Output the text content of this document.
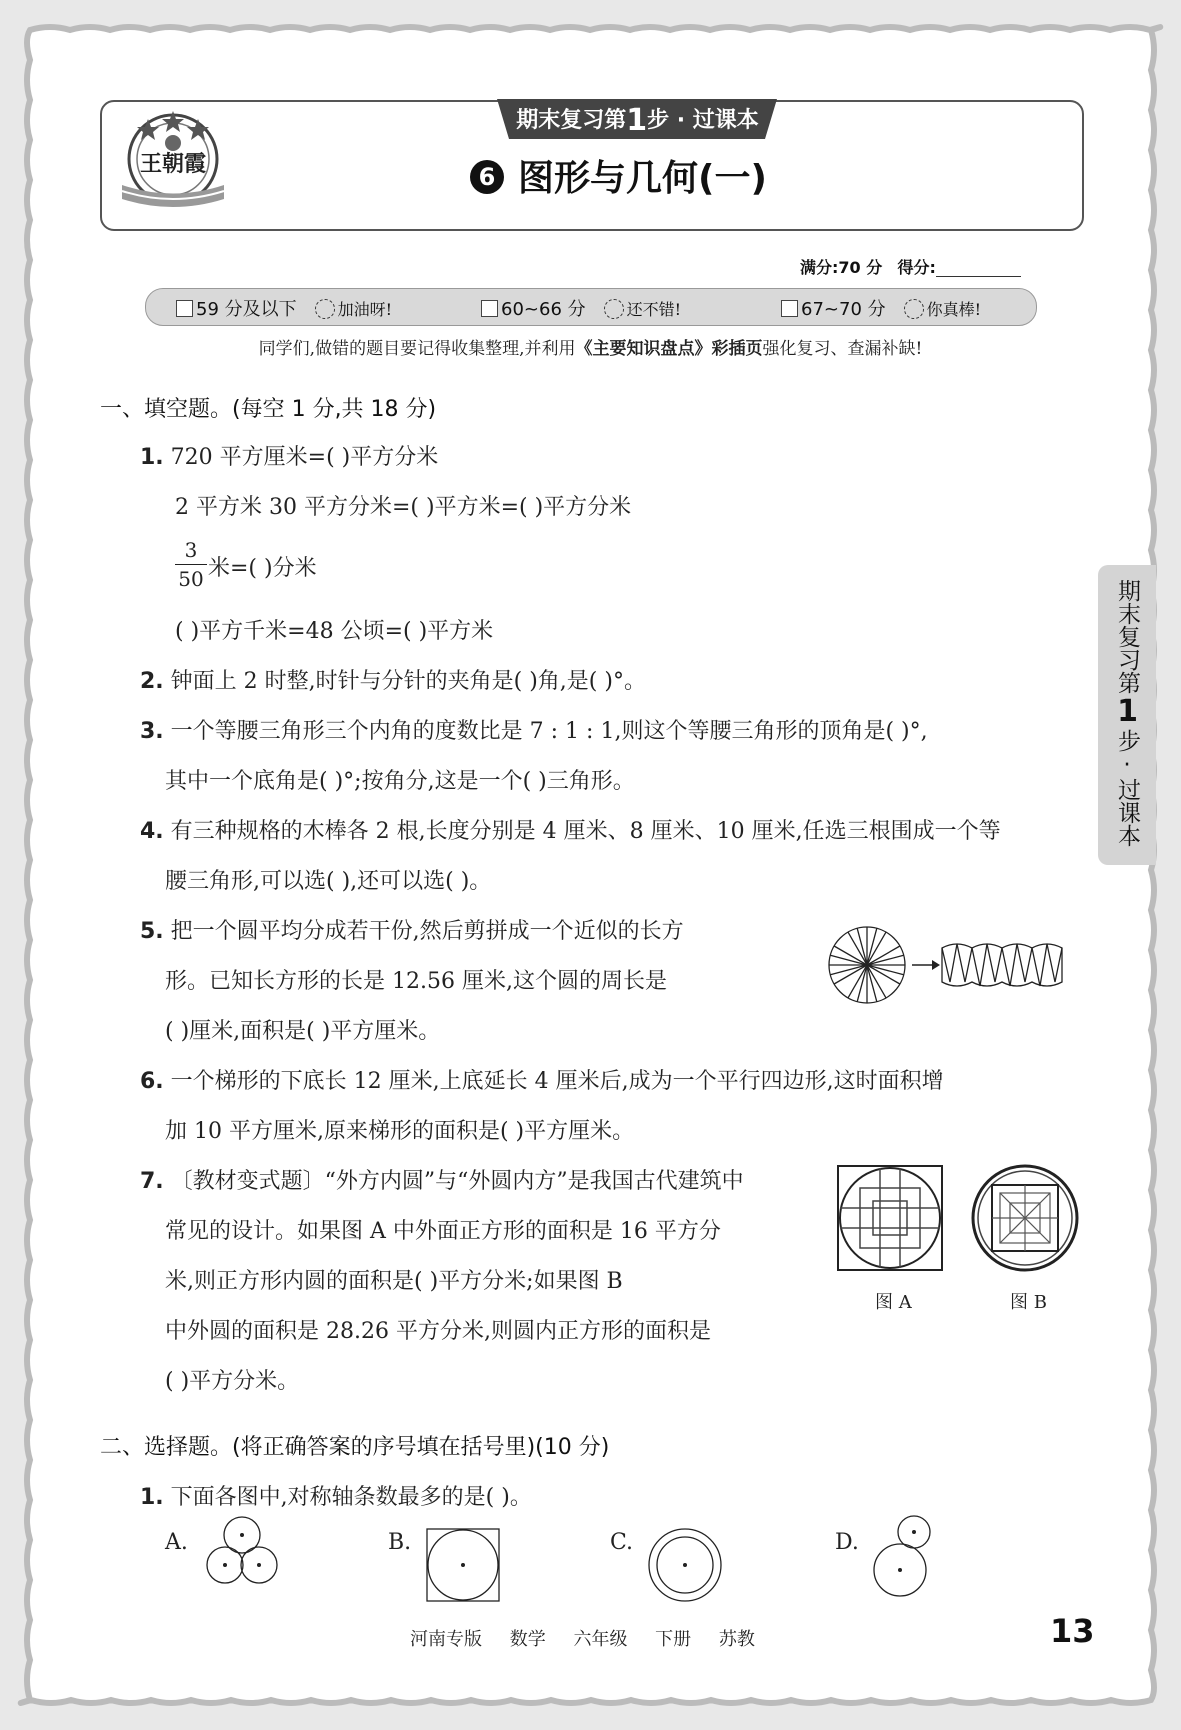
王朝霞
期末复习第1步 · 过课本
6 图形与几何(一)
满分:70 分 得分:
59 分及以下	加油呀!	60~66 分	还不错!	67~70 分	你真棒!
同学们,做错的题目要记得收集整理,并利用《主要知识盘点》彩插页强化复习、查漏补缺!
一、填空题。(每空 1 分,共 18 分)
1. 720 平方厘米=( )平方分米
2 平方米 30 平方分米=( )平方米=( )平方分米
3
50 米=( )分米
( )平方千米=48 公顷=( )平方米
2. 钟面上 2 时整,时针与分针的夹角是( )角,是( )°。
3. 一个等腰三角形三个内角的度数比是 7 : 1 : 1,则这个等腰三角形的顶角是( )°,
其中一个底角是( )°;按角分,这是一个( )三角形。
4. 有三种规格的木棒各 2 根,长度分别是 4 厘米、8 厘米、10 厘米,任选三根围成一个等
腰三角形,可以选( ),还可以选( )。
5. 把一个圆平均分成若干份,然后剪拼成一个近似的长方
形。已知长方形的长是 12.56 厘米,这个圆的周长是
( )厘米,面积是( )平方厘米。
6. 一个梯形的下底长 12 厘米,上底延长 4 厘米后,成为一个平行四边形,这时面积增
加 10 平方厘米,原来梯形的面积是( )平方厘米。
7. 〔教材变式题〕“外方内圆”与“外圆内方”是我国古代建筑中
常见的设计。如果图 A 中外面正方形的面积是 16 平方分
米,则正方形内圆的面积是( )平方分米;如果图 B
中外圆的面积是 28.26 平方分米,则圆内正方形的面积是
( )平方分米。
图 A	图 B
二、选择题。(将正确答案的序号填在括号里)(10 分)
1. 下面各图中,对称轴条数最多的是( )。
A.	B.	C.	D.
期末复习第1步·过课本
河南专版 数学 六年级 下册 苏教	13
